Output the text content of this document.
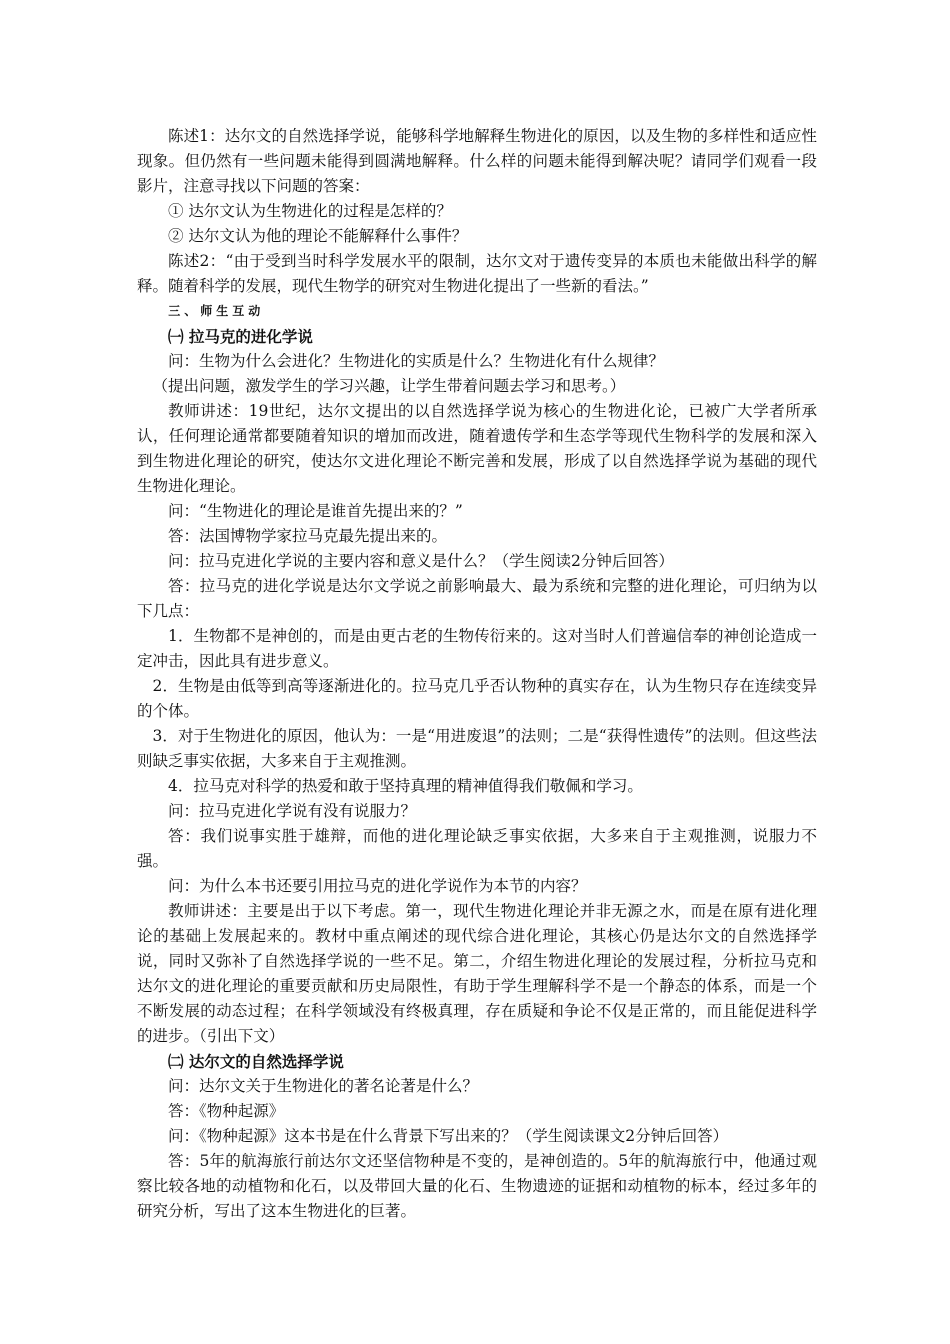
陈述1：达尔文的自然选择学说，能够科学地解释生物进化的原因，以及生物的多样性和适应性现象。但仍然有一些问题未能得到圆满地解释。什么样的问题未能得到解决呢？请同学们观看一段影片，注意寻找以下问题的答案：

① 达尔文认为生物进化的过程是怎样的？

② 达尔文认为他的理论不能解释什么事件？

陈述2：“由于受到当时科学发展水平的限制，达尔文对于遗传变异的本质也未能做出科学的解释。随着科学的发展，现代生物学的研究对生物进化提出了一些新的看法。”

三、师生互动

㈠ 拉马克的进化学说

问：生物为什么会进化？生物进化的实质是什么？生物进化有什么规律？

（提出问题，激发学生的学习兴趣，让学生带着问题去学习和思考。）

教师讲述：19世纪，达尔文提出的以自然选择学说为核心的生物进化论，已被广大学者所承认，任何理论通常都要随着知识的增加而改进，随着遗传学和生态学等现代生物科学的发展和深入到生物进化理论的研究，使达尔文进化理论不断完善和发展，形成了以自然选择学说为基础的现代生物进化理论。

问：“生物进化的理论是谁首先提出来的？”

答：法国博物学家拉马克最先提出来的。

问：拉马克进化学说的主要内容和意义是什么？（学生阅读2分钟后回答）

答：拉马克的进化学说是达尔文学说之前影响最大、最为系统和完整的进化理论，可归纳为以下几点：

1．生物都不是神创的，而是由更古老的生物传衍来的。这对当时人们普遍信奉的神创论造成一定冲击，因此具有进步意义。

2．生物是由低等到高等逐渐进化的。拉马克几乎否认物种的真实存在，认为生物只存在连续变异的个体。

3．对于生物进化的原因，他认为：一是“用进废退”的法则；二是“获得性遗传”的法则。但这些法则缺乏事实依据，大多来自于主观推测。

4．拉马克对科学的热爱和敢于坚持真理的精神值得我们敬佩和学习。

问：拉马克进化学说有没有说服力？

答：我们说事实胜于雄辩，而他的进化理论缺乏事实依据，大多来自于主观推测，说服力不强。

问：为什么本书还要引用拉马克的进化学说作为本节的内容？

教师讲述：主要是出于以下考虑。第一，现代生物进化理论并非无源之水，而是在原有进化理论的基础上发展起来的。教材中重点阐述的现代综合进化理论，其核心仍是达尔文的自然选择学说，同时又弥补了自然选择学说的一些不足。第二，介绍生物进化理论的发展过程，分析拉马克和达尔文的进化理论的重要贡献和历史局限性，有助于学生理解科学不是一个静态的体系，而是一个不断发展的动态过程；在科学领域没有终极真理，存在质疑和争论不仅是正常的，而且能促进科学的进步。（引出下文）

㈡ 达尔文的自然选择学说

问：达尔文关于生物进化的著名论著是什么？

答：《物种起源》

问：《物种起源》这本书是在什么背景下写出来的？（学生阅读课文2分钟后回答）

答：5年的航海旅行前达尔文还坚信物种是不变的，是神创造的。5年的航海旅行中，他通过观察比较各地的动植物和化石，以及带回大量的化石、生物遗迹的证据和动植物的标本，经过多年的研究分析，写出了这本生物进化的巨著。
